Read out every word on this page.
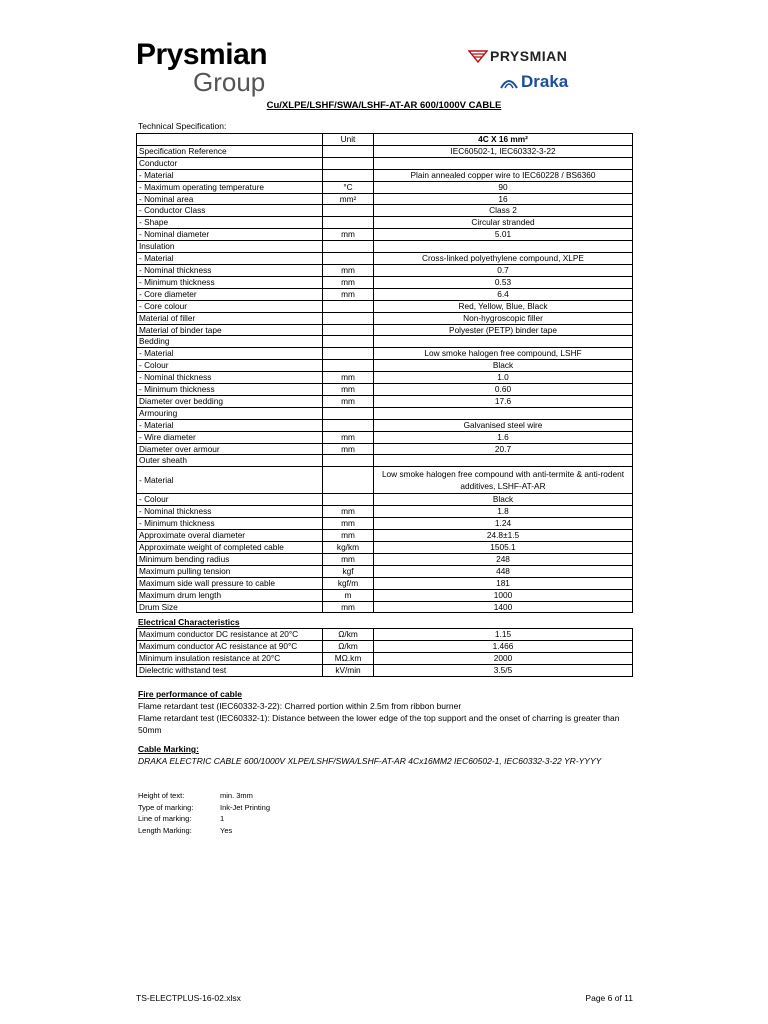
Prysmian
Group
PRYSMIAN
Draka
Cu/XLPE/LSHF/SWA/LSHF-AT-AR 600/1000V CABLE
Technical Specification:
	Unit	4C X 16 mm²
Specification Reference		IEC60502-1, IEC60332-3-22
Conductor		
- Material		Plain annealed copper wire to IEC60228 / BS6360
- Maximum operating temperature	°C	90
- Nominal area	mm²	16
- Conductor Class		Class 2
- Shape		Circular stranded
- Nominal diameter	mm	5.01
Insulation		
- Material		Cross-linked polyethylene compound, XLPE
- Nominal thickness	mm	0.7
- Minimum thickness	mm	0.53
- Core diameter	mm	6.4
- Core colour		Red, Yellow, Blue, Black
Material of filler		Non-hygroscopic filler
Material of binder tape		Polyester (PETP) binder tape
Bedding		
- Material		Low smoke halogen free compound, LSHF
- Colour		Black
- Nominal thickness	mm	1.0
- Minimum thickness	mm	0.60
Diameter over bedding	mm	17.6
Armouring		
- Material		Galvanised steel wire
- Wire diameter	mm	1.6
Diameter over armour	mm	20.7
Outer sheath		
- Material		Low smoke halogen free compound with anti-termite & anti-rodent additives, LSHF-AT-AR
- Colour		Black
- Nominal thickness	mm	1.8
- Minimum thickness	mm	1.24
Approximate overal diameter	mm	24.8±1.5
Approximate weight of completed cable	kg/km	1505.1
Minimum bending radius	mm	248
Maximum pulling tension	kgf	448
Maximum side wall pressure to cable	kgf/m	181
Maximum drum length	m	1000
Drum Size	mm	1400
Electrical Characteristics
Maximum conductor DC resistance at 20°C	Ω/km	1.15
Maximum conductor AC resistance at 90°C	Ω/km	1.466
Minimum insulation resistance at 20°C	MΩ.km	2000
Dielectric withstand test	kV/min	3.5/5
Fire performance of cable
Flame retardant test (IEC60332-3-22): Charred portion within 2.5m from ribbon burner
Flame retardant test (IEC60332-1): Distance between the lower edge of the top support and the onset of charring is greater than 50mm
Cable Marking:
DRAKA ELECTRIC CABLE 600/1000V XLPE/LSHF/SWA/LSHF-AT-AR 4Cx16MM2 IEC60502-1, IEC60332-3-22 YR-YYYY
Height of text:	min. 3mm
Type of marking:	Ink-Jet Printing
Line of marking:	1
Length Marking:	Yes
TS-ELECTPLUS-16-02.xlsx	Page 6 of 11
